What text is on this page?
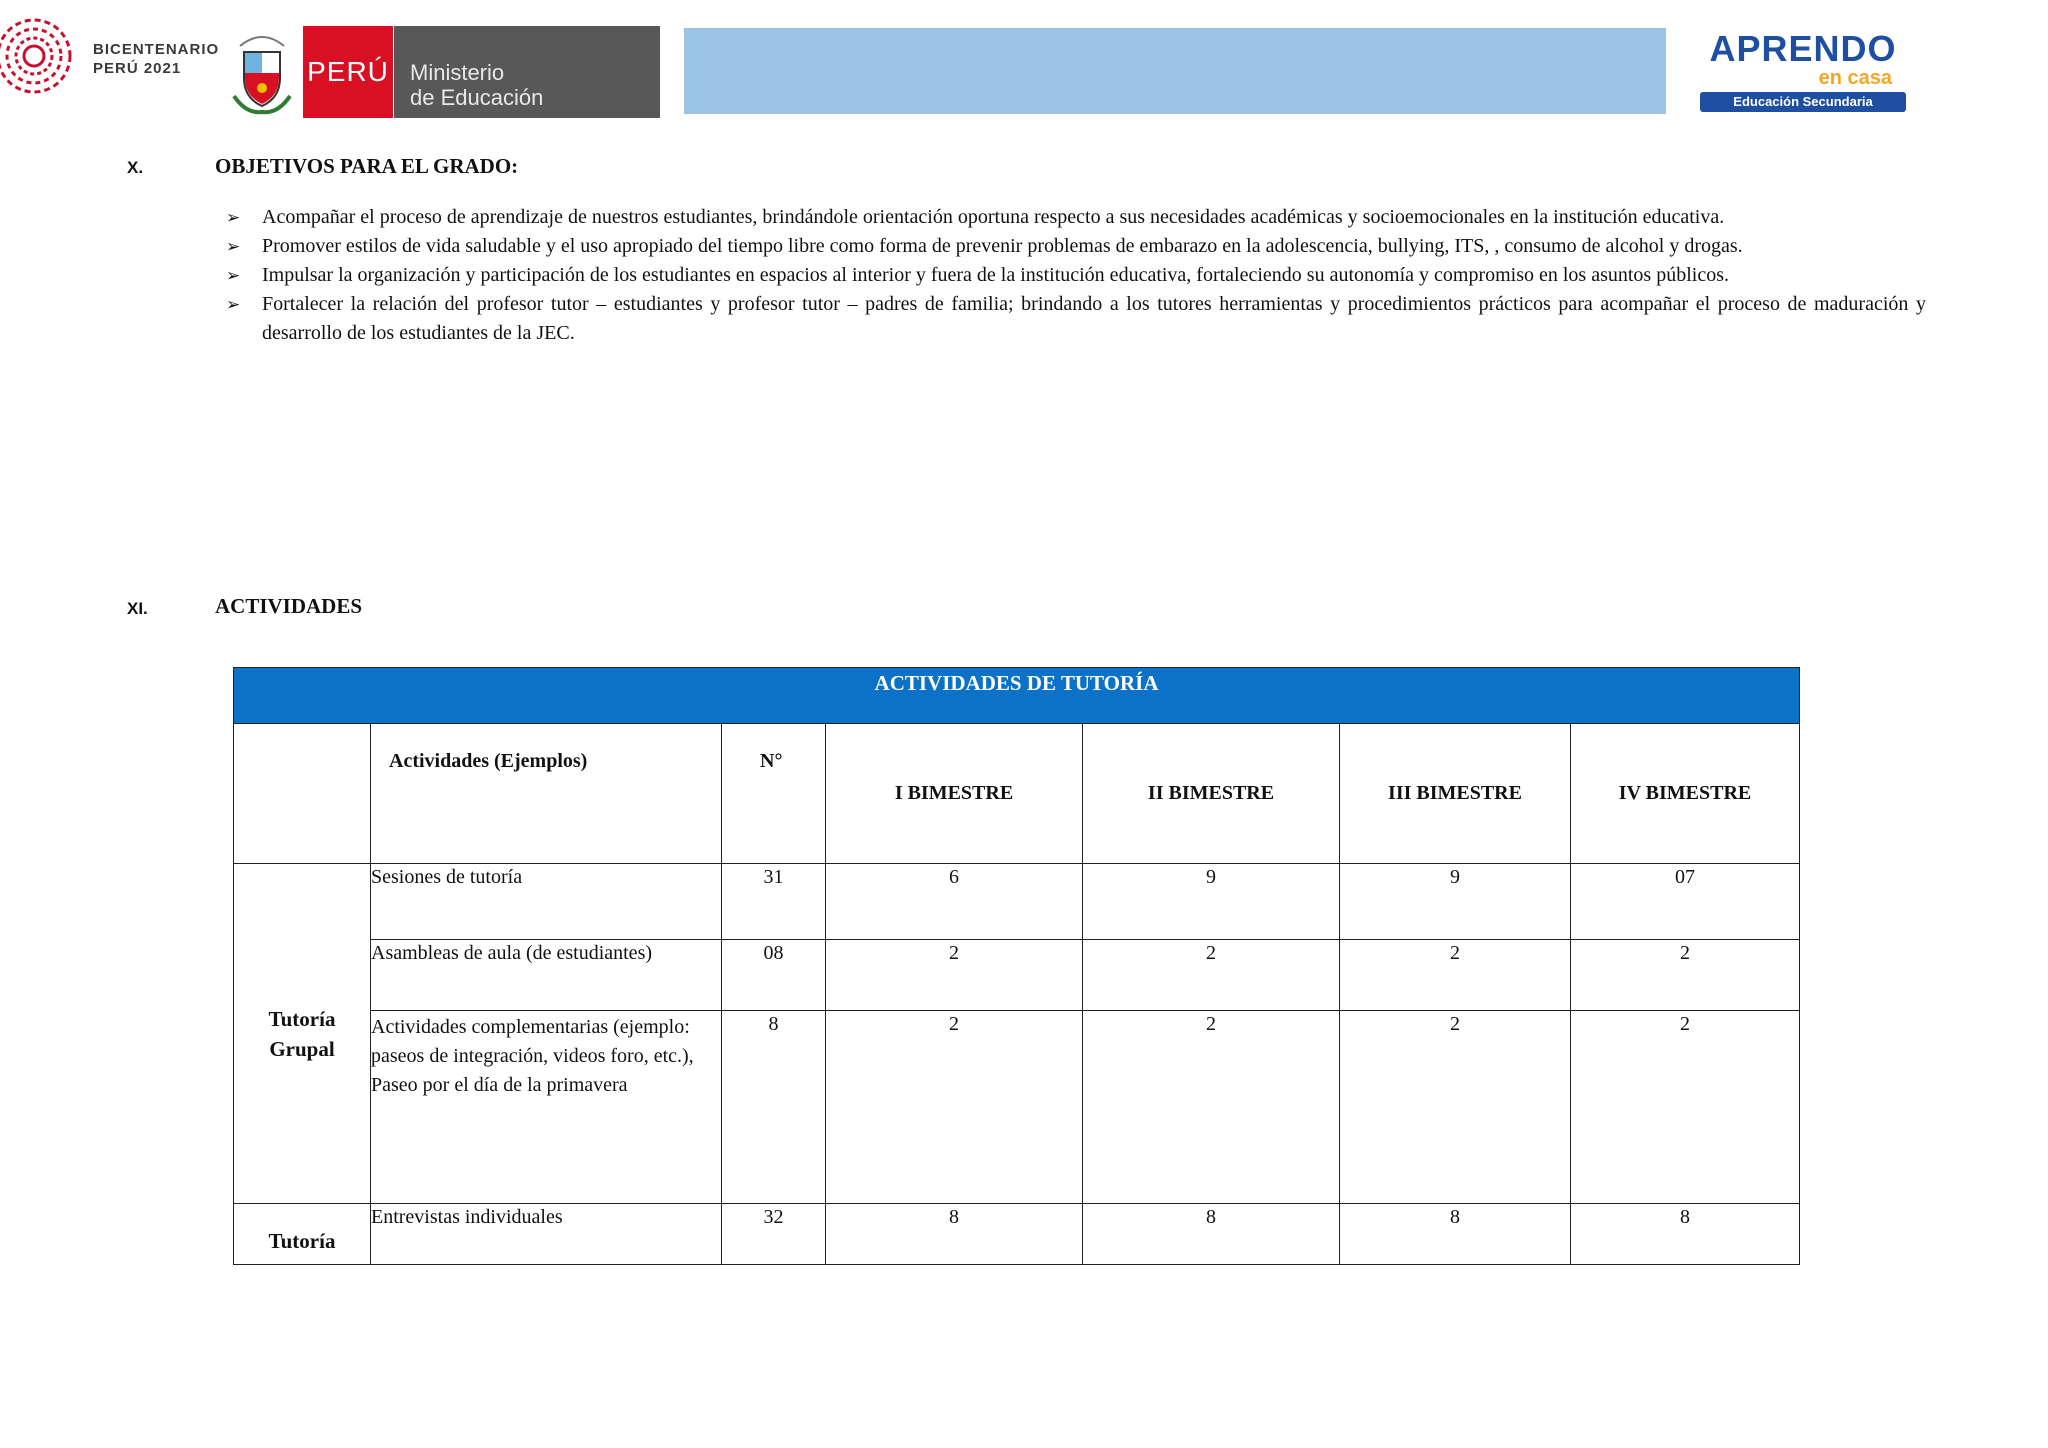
BICENTENARIO
PERÚ 2021	PERÚ Ministerio
de Educación
APRENDO
en casa
Educación Secundaria
X.	OBJETIVOS PARA EL GRADO:
➢ Acompañar el proceso de aprendizaje de nuestros estudiantes, brindándole orientación oportuna respecto a sus necesidades académicas y socioemocionales en la institución educativa.
➢ Promover estilos de vida saludable y el uso apropiado del tiempo libre como forma de prevenir problemas de embarazo en la adolescencia, bullying, ITS, , consumo de alcohol y drogas.
➢ Impulsar la organización y participación de los estudiantes en espacios al interior y fuera de la institución educativa, fortaleciendo su autonomía y compromiso en los asuntos públicos.
➢ Fortalecer la relación del profesor tutor – estudiantes y profesor tutor – padres de familia; brindando a los tutores herramientas y procedimientos prácticos para acompañar el proceso de maduración y desarrollo de los estudiantes de la JEC.
XI.	ACTIVIDADES
ACTIVIDADES DE TUTORÍA						
	Actividades (Ejemplos)	N°	I BIMESTRE	II BIMESTRE	III BIMESTRE	IV BIMESTRE

Tutoría
Grupal	Sesiones de tutoría	31	6	9	9	07
	Asambleas de aula (de estudiantes)	08	2	2	2	2
	Actividades complementarias (ejemplo: paseos de integración, videos foro, etc.), Paseo por el día de la primavera	8	2	2	2	2
Tutoría	Entrevistas individuales	32	8	8	8	8
